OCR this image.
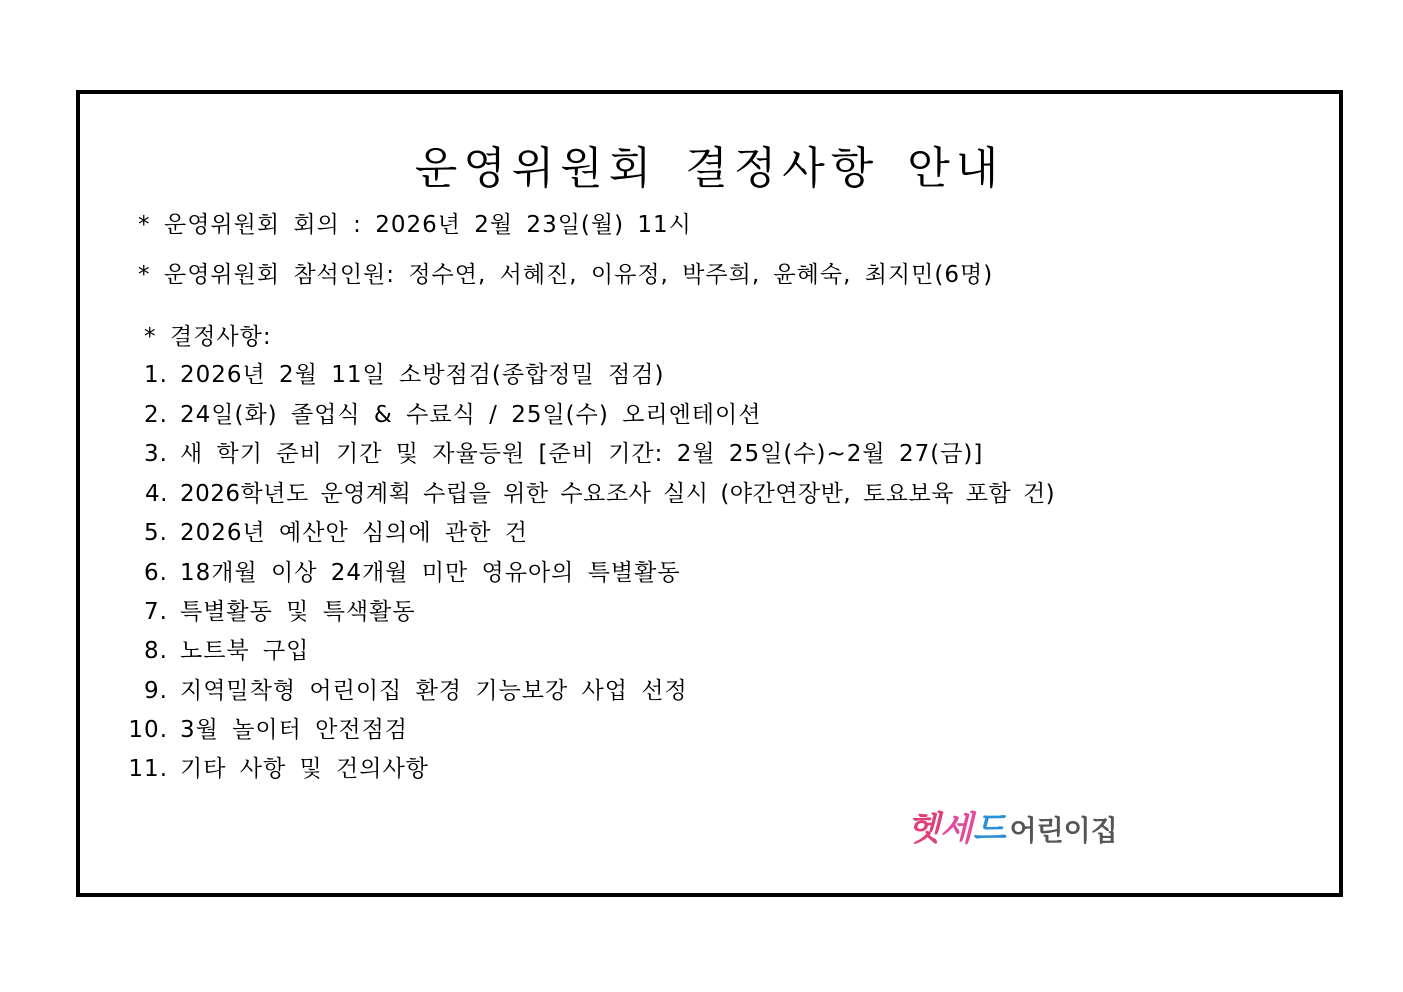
운영위원회 결정사항 안내
* 운영위원회 회의 : 2026년 2월 23일(월) 11시
* 운영위원회 참석인원: 정수연, 서혜진, 이유정, 박주희, 윤혜숙, 최지민(6명)
* 결정사항:
1. 2026년 2월 11일 소방점검(종합정밀 점검)
2. 24일(화) 졸업식 & 수료식 / 25일(수) 오리엔테이션
3. 새 학기 준비 기간 및 자율등원 [준비 기간: 2월 25일(수)~2월 27(금)]
4. 2026학년도 운영계획 수립을 위한 수요조사 실시 (야간연장반, 토요보육 포함 건)
5. 2026년 예산안 심의에 관한 건
6. 18개월 이상 24개월 미만 영유아의 특별활동
7. 특별활동 및 특색활동
8. 노트북 구입
9. 지역밀착형 어린이집 환경 기능보강 사업 선정
10. 3월 놀이터 안전점검
11. 기타 사항 및 건의사항
헷세드 어린이집
